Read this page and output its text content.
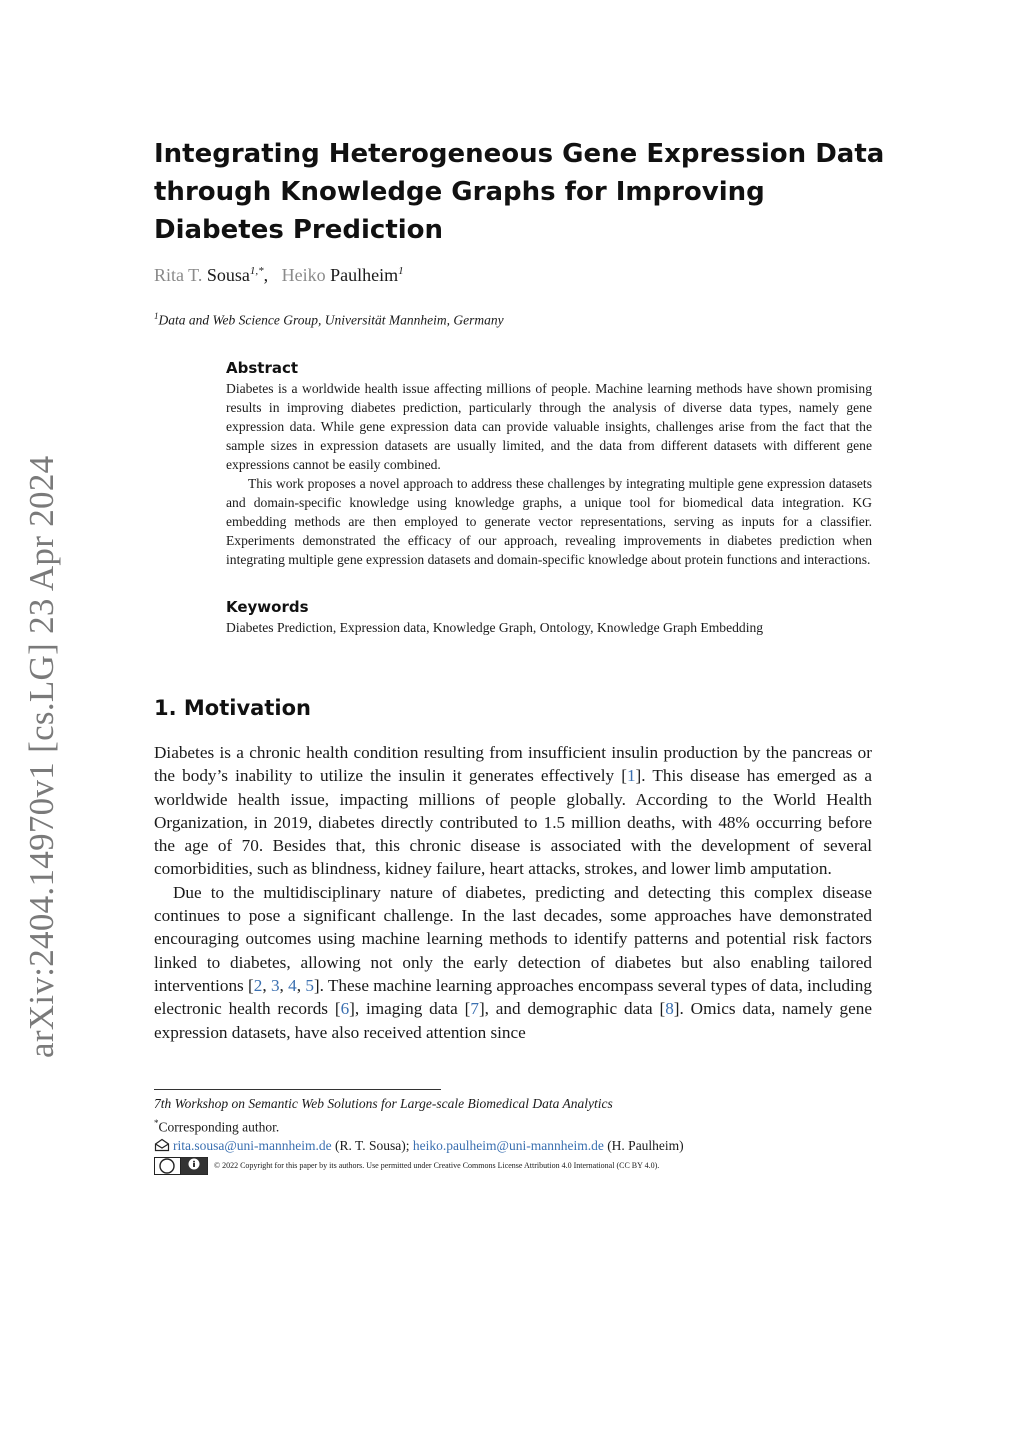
arXiv:2404.14970v1 [cs.LG] 23 Apr 2024
Integrating Heterogeneous Gene Expression Data through Knowledge Graphs for Improving Diabetes Prediction
Rita T. Sousa$^{1,*}$,   Heiko Paulheim$^1$
$^1$Data and Web Science Group, Universität Mannheim, Germany
Abstract

Diabetes is a worldwide health issue affecting millions of people. Machine learning methods have shown promising results in improving diabetes prediction, particularly through the analysis of diverse data types, namely gene expression data. While gene expression data can provide valuable insights, challenges arise from the fact that the sample sizes in expression datasets are usually limited, and the data from different datasets with different gene expressions cannot be easily combined.

This work proposes a novel approach to address these challenges by integrating multiple gene expression datasets and domain-specific knowledge using knowledge graphs, a unique tool for biomedical data integration. KG embedding methods are then employed to generate vector representations, serving as inputs for a classifier. Experiments demonstrated the efficacy of our approach, revealing improvements in diabetes prediction when integrating multiple gene expression datasets and domain-specific knowledge about protein functions and interactions.

Keywords

Diabetes Prediction, Expression data, Knowledge Graph, Ontology, Knowledge Graph Embedding

1. Motivation

Diabetes is a chronic health condition resulting from insufficient insulin production by the pancreas or the body’s inability to utilize the insulin it generates effectively [1]. This disease has emerged as a worldwide health issue, impacting millions of people globally. According to the World Health Organization, in 2019, diabetes directly contributed to 1.5 million deaths, with 48% occurring before the age of 70. Besides that, this chronic disease is associated with the development of several comorbidities, such as blindness, kidney failure, heart attacks, strokes, and lower limb amputation.

Due to the multidisciplinary nature of diabetes, predicting and detecting this complex disease continues to pose a significant challenge. In the last decades, some approaches have demonstrated encouraging outcomes using machine learning methods to identify patterns and potential risk factors linked to diabetes, allowing not only the early detection of diabetes but also enabling tailored interventions [2, 3, 4, 5]. These machine learning approaches encompass several types of data, including electronic health records [6], imaging data [7], and demographic data [8]. Omics data, namely gene expression datasets, have also received attention since

7th Workshop on Semantic Web Solutions for Large-scale Biomedical Data Analytics

*Corresponding author.

rita.sousa@uni-mannheim.de (R. T. Sousa); heiko.paulheim@uni-mannheim.de (H. Paulheim)

© 2022 Copyright for this paper by its authors. Use permitted under Creative Commons License Attribution 4.0 International (CC BY 4.0).
